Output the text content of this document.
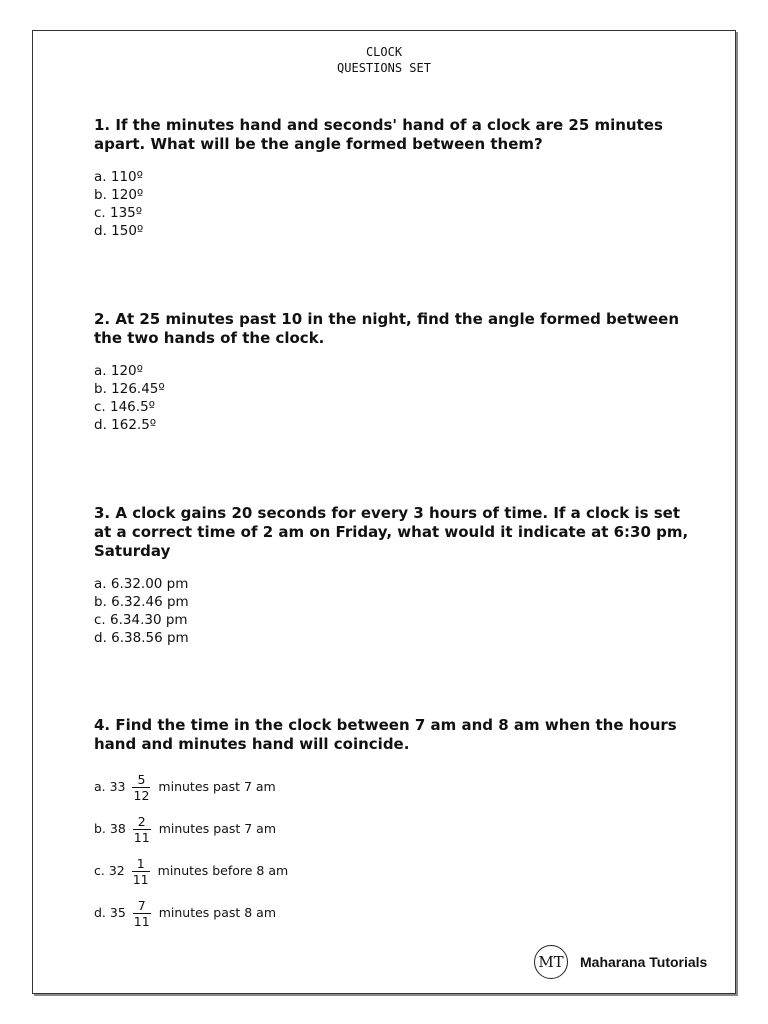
CLOCK
QUESTIONS SET

1. If the minutes hand and seconds' hand of a clock are 25 minutes apart. What will be the angle formed between them?

a. 110º
b. 120º
c. 135º
d. 150º

2. At 25 minutes past 10 in the night, find the angle formed between the two hands of the clock.

a. 120º
b. 126.45º
c. 146.5º
d. 162.5º

3. A clock gains 20 seconds for every 3 hours of time. If a clock is set at a correct time of 2 am on Friday, what would it indicate at 6:30 pm, Saturday

a. 6.32.00 pm
b. 6.32.46 pm
c. 6.34.30 pm
d. 6.38.56 pm

4. Find the time in the clock between 7 am and 8 am when the hours hand and minutes hand will coincide.

a. $33 \frac{5}{12}$ minutes past 7 am
b. $38 \frac{2}{11}$ minutes past 7 am
c. $32 \frac{1}{11}$ minutes before 8 am
d. $35 \frac{7}{11}$ minutes past 8 am
MT	Maharana Tutorials
